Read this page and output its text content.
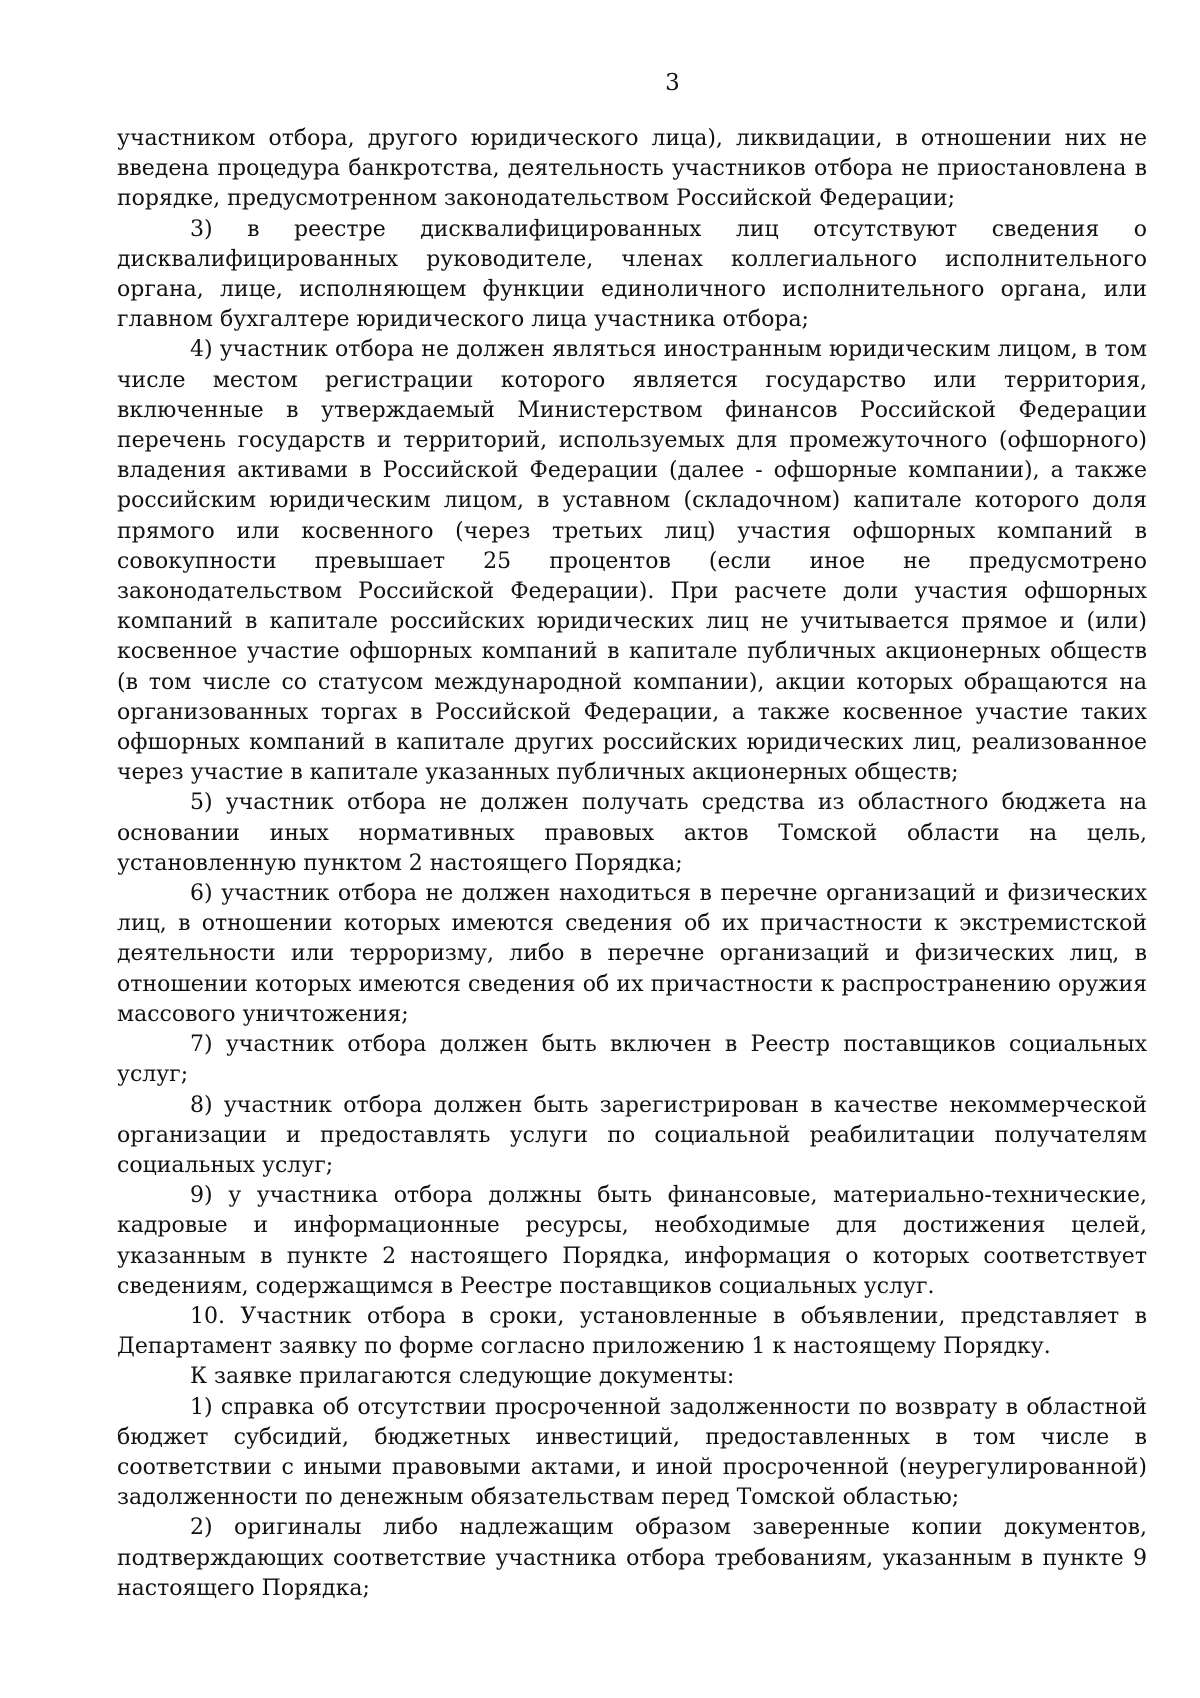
3

участником отбора, другого юридического лица), ликвидации, в отношении них не введена процедура банкротства, деятельность участников отбора не приостановлена в порядке, предусмотренном законодательством Российской Федерации;

3) в реестре дисквалифицированных лиц отсутствуют сведения о дисквалифицированных руководителе, членах коллегиального исполнительного органа, лице, исполняющем функции единоличного исполнительного органа, или главном бухгалтере юридического лица участника отбора;

4) участник отбора не должен являться иностранным юридическим лицом, в том числе местом регистрации которого является государство или территория, включенные в утверждаемый Министерством финансов Российской Федерации перечень государств и территорий, используемых для промежуточного (офшорного) владения активами в Российской Федерации (далее - офшорные компании), а также российским юридическим лицом, в уставном (складочном) капитале которого доля прямого или косвенного (через третьих лиц) участия офшорных компаний в совокупности превышает 25 процентов (если иное не предусмотрено законодательством Российской Федерации). При расчете доли участия офшорных компаний в капитале российских юридических лиц не учитывается прямое и (или) косвенное участие офшорных компаний в капитале публичных акционерных обществ (в том числе со статусом международной компании), акции которых обращаются на организованных торгах в Российской Федерации, а также косвенное участие таких офшорных компаний в капитале других российских юридических лиц, реализованное через участие в капитале указанных публичных акционерных обществ;

5) участник отбора не должен получать средства из областного бюджета на основании иных нормативных правовых актов Томской области на цель, установленную пунктом 2 настоящего Порядка;

6) участник отбора не должен находиться в перечне организаций и физических лиц, в отношении которых имеются сведения об их причастности к экстремистской деятельности или терроризму, либо в перечне организаций и физических лиц, в отношении которых имеются сведения об их причастности к распространению оружия массового уничтожения;

7) участник отбора должен быть включен в Реестр поставщиков социальных услуг;

8) участник отбора должен быть зарегистрирован в качестве некоммерческой организации и предоставлять услуги по социальной реабилитации получателям социальных услуг;

9) у участника отбора должны быть финансовые, материально-технические, кадровые и информационные ресурсы, необходимые для достижения целей, указанным в пункте 2 настоящего Порядка, информация о которых соответствует сведениям, содержащимся в Реестре поставщиков социальных услуг.

10. Участник отбора в сроки, установленные в объявлении, представляет в Департамент заявку по форме согласно приложению 1 к настоящему Порядку.

К заявке прилагаются следующие документы:

1) справка об отсутствии просроченной задолженности по возврату в областной бюджет субсидий, бюджетных инвестиций, предоставленных в том числе в соответствии с иными правовыми актами, и иной просроченной (неурегулированной) задолженности по денежным обязательствам перед Томской областью;

2) оригиналы либо надлежащим образом заверенные копии документов, подтверждающих соответствие участника отбора требованиям, указанным в пункте 9 настоящего Порядка;
